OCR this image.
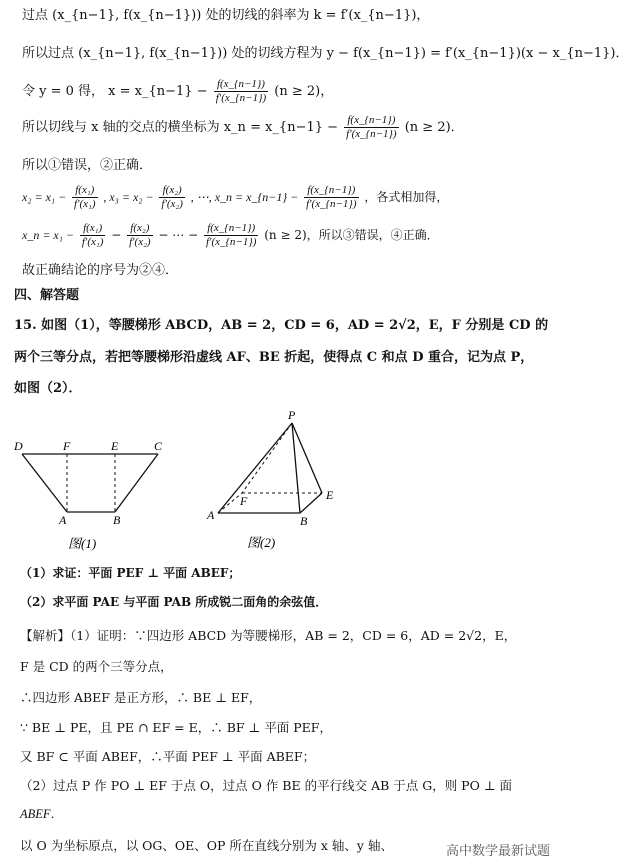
过点 (x_{n−1}, f(x_{n−1})) 处的切线的斜率为 k = f′(x_{n−1})，
所以过点 (x_{n−1}, f(x_{n−1})) 处的切线方程为 y − f(x_{n−1}) = f′(x_{n−1})(x − x_{n−1})．
令 y = 0 得， x = x_{n−1} − $\frac{f(x\_\{n-1\})}{f'(x\_\{n-1\})} (n \ge 2)$，
所以切线与 x 轴的交点的横坐标为 x_n = x_{n−1} − $\frac{f(x\_\{n-1\})}{f'(x\_\{n-1\})} (n \ge 2)$．
所以①错误，②正确．
$x_2 = x_1 - \frac{\text{f(x₁)}}{\text{f′(x₁)}}$ , $x_3 = x_2 - \frac{\text{f(x₂)}}{\text{f′(x₂)}}$ , ⋯, x_n = x_{n−1} − $\frac{f(x\_\{n-1\})}{f'(x\_\{n-1\})}$ ，各式相加得，
x_n = $x_1 - \frac{\text{f(x₁)}}{\text{f′(x₁)}} - \frac{\text{f(x₂)}}{\text{f′(x₂)}}$ − ⋯ − $\frac{f(x\_\{n-1\})}{f'(x\_\{n-1\})} (n \ge 2)$，所以③错误，④正确．
故正确结论的序号为②④．
四、解答题
15. 如图（1），等腰梯形 ABCD，AB = 2，CD = 6，AD = 2√2，E，F 分别是 CD 的
两个三等分点，若把等腰梯形沿虚线 AF、BE 折起，使得点 C 和点 D 重合，记为点 P，
如图（2）．
D	F	E	C
A	B
图(1)
P
A
F	E
B
图(2)
（1）求证：平面 PEF ⊥ 平面 ABEF；
（2）求平面 PAE 与平面 PAB 所成锐二面角的余弦值．
【解析】（1）证明：∵四边形 ABCD 为等腰梯形，AB = 2，CD = 6，AD = 2√2，E，
F 是 CD 的两个三等分点，
∴四边形 ABEF 是正方形，∴ BE ⊥ EF，
∵ BE ⊥ PE，且 PE ∩ EF = E，∴ BF ⊥ 平面 PEF，
又 BF ⊂ 平面 ABEF，∴平面 PEF ⊥ 平面 ABEF；
（2）过点 P 作 PO ⊥ EF 于点 O，过点 O 作 BE 的平行线交 AB 于点 G，则 PO ⊥ 面
ABEF．
以 O 为坐标原点，以 OG、OE、OP 所在直线分别为 x 轴、y 轴、	高中数学最新试题
